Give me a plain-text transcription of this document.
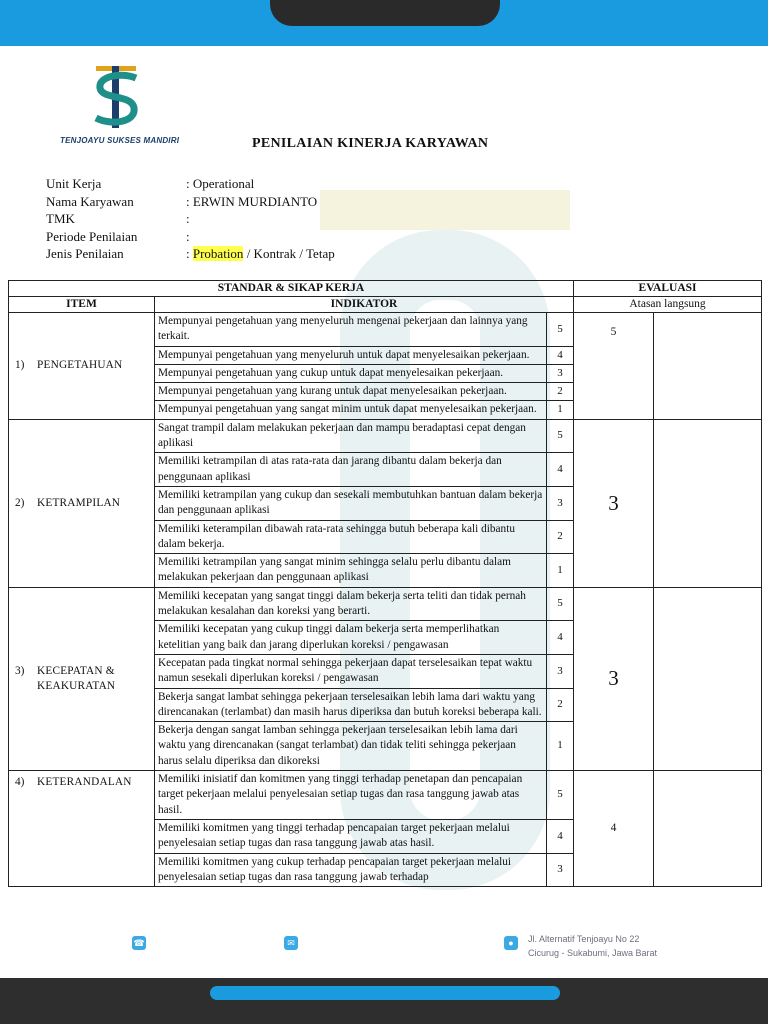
TENJOAYU SUKSES MANDIRI	PENILAIAN KINERJA KARYAWAN
Unit Kerja	: Operational
Nama Karyawan	: ERWIN MURDIANTO
TMK	:
Periode Penilaian	:
Jenis Penilaian	: Probation / Kontrak / Tetap
STANDAR & SIKAP KERJA			EVALUASI	
ITEM	INDIKATOR		Atasan langsung	

1) PENGETAHUAN	Mempunyai pengetahuan yang menyeluruh mengenai pekerjaan dan lainnya yang terkait.	5	5	
	Mempunyai pengetahuan yang menyeluruh untuk dapat menyelesaikan pekerjaan.	4		
	Mempunyai pengetahuan yang cukup untuk dapat menyelesaikan pekerjaan.	3		
	Mempunyai pengetahuan yang kurang untuk dapat menyelesaikan pekerjaan.	2		
	Mempunyai pengetahuan yang sangat minim untuk dapat menyelesaikan pekerjaan.	1		

2) KETRAMPILAN	Sangat trampil dalam melakukan pekerjaan dan mampu beradaptasi cepat dengan aplikasi	5	3	
	Memiliki ketrampilan di atas rata-rata dan jarang dibantu dalam bekerja dan penggunaan aplikasi	4		
	Memiliki ketrampilan yang cukup dan sesekali membutuhkan bantuan dalam bekerja dan penggunaan aplikasi	3		
	Memiliki keterampilan dibawah rata-rata sehingga butuh beberapa kali dibantu dalam bekerja.	2		
	Memiliki ketrampilan yang sangat minim sehingga selalu perlu dibantu dalam melakukan pekerjaan dan penggunaan aplikasi	1		

3) KECEPATAN &
KEAKURATAN	Memiliki kecepatan yang sangat tinggi dalam bekerja serta teliti dan tidak pernah melakukan kesalahan dan koreksi yang berarti.	5	3	
	Memiliki kecepatan yang cukup tinggi dalam bekerja serta memperlihatkan ketelitian yang baik dan jarang diperlukan koreksi / pengawasan	4		
	Kecepatan pada tingkat normal sehingga pekerjaan dapat terselesaikan tepat waktu namun sesekali diperlukan koreksi / pengawasan	3		
	Bekerja sangat lambat sehingga pekerjaan terselesaikan lebih lama dari waktu yang direncanakan (terlambat) dan masih harus diperiksa dan butuh koreksi beberapa kali.	2		
	Bekerja dengan sangat lamban sehingga pekerjaan terselesaikan lebih lama dari waktu yang direncanakan (sangat terlambat) dan tidak teliti sehingga pekerjaan harus selalu diperiksa dan dikoreksi	1		

4) KETERANDALAN	Memiliki inisiatif dan komitmen yang tinggi terhadap penetapan dan pencapaian target pekerjaan melalui penyelesaian setiap tugas dan rasa tanggung jawab atas hasil.	5	4	
	Memiliki komitmen yang tinggi terhadap pencapaian target pekerjaan melalui penyelesaian setiap tugas dan rasa tanggung jawab atas hasil.	4		
	Memiliki komitmen yang cukup terhadap pencapaian target pekerjaan melalui penyelesaian setiap tugas dan rasa tanggung jawab terhadap	3		
☎	✉	●	Jl. Alternatif Tenjoayu No 22
Cicurug - Sukabumi, Jawa Barat
